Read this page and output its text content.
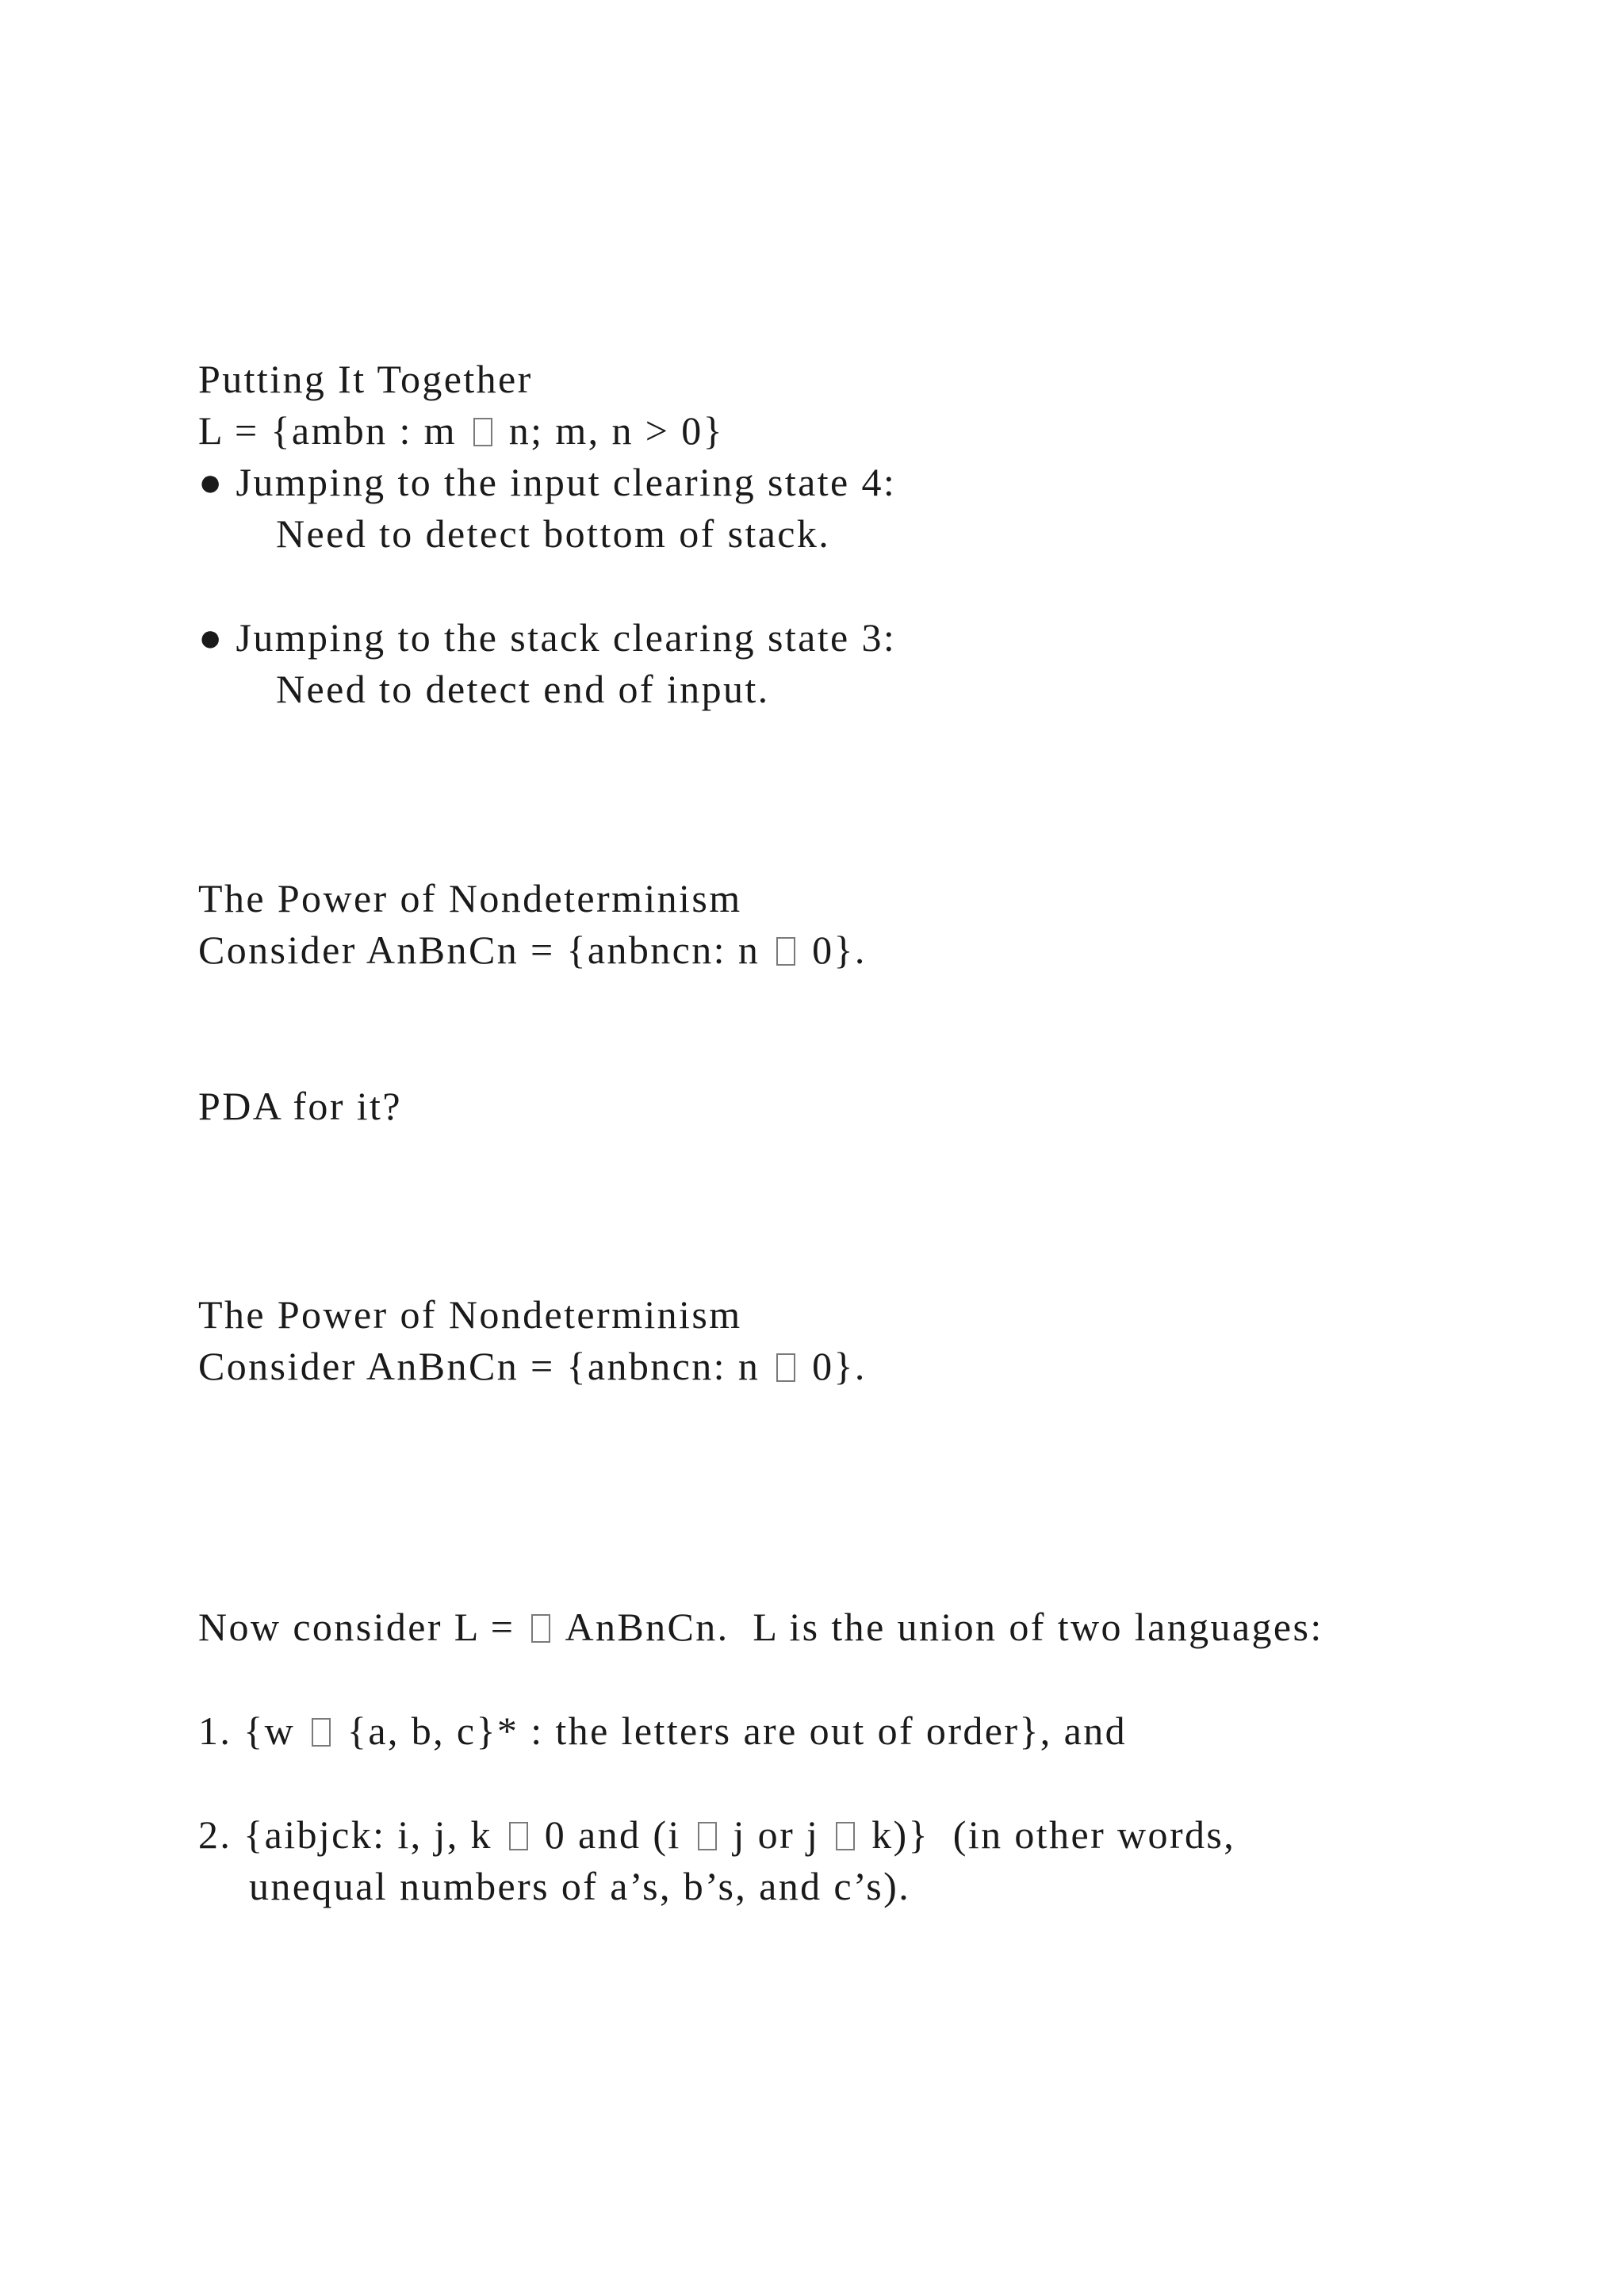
Putting It Together
L = {ambn : m  n; m, n > 0}
● Jumping to the input clearing state 4:
Need to detect bottom of stack.
● Jumping to the stack clearing state 3:
Need to detect end of input.
The Power of Nondeterminism
Consider AnBnCn = {anbncn: n  0}.
PDA for it?
The Power of Nondeterminism
Consider AnBnCn = {anbncn: n  0}.
Now consider L =  AnBnCn.  L is the union of two languages:
1. {w  {a, b, c}* : the letters are out of order}, and
2. {aibjck: i, j, k  0 and (i  j or j  k)}  (in other words,
unequal numbers of a’s, b’s, and c’s).
